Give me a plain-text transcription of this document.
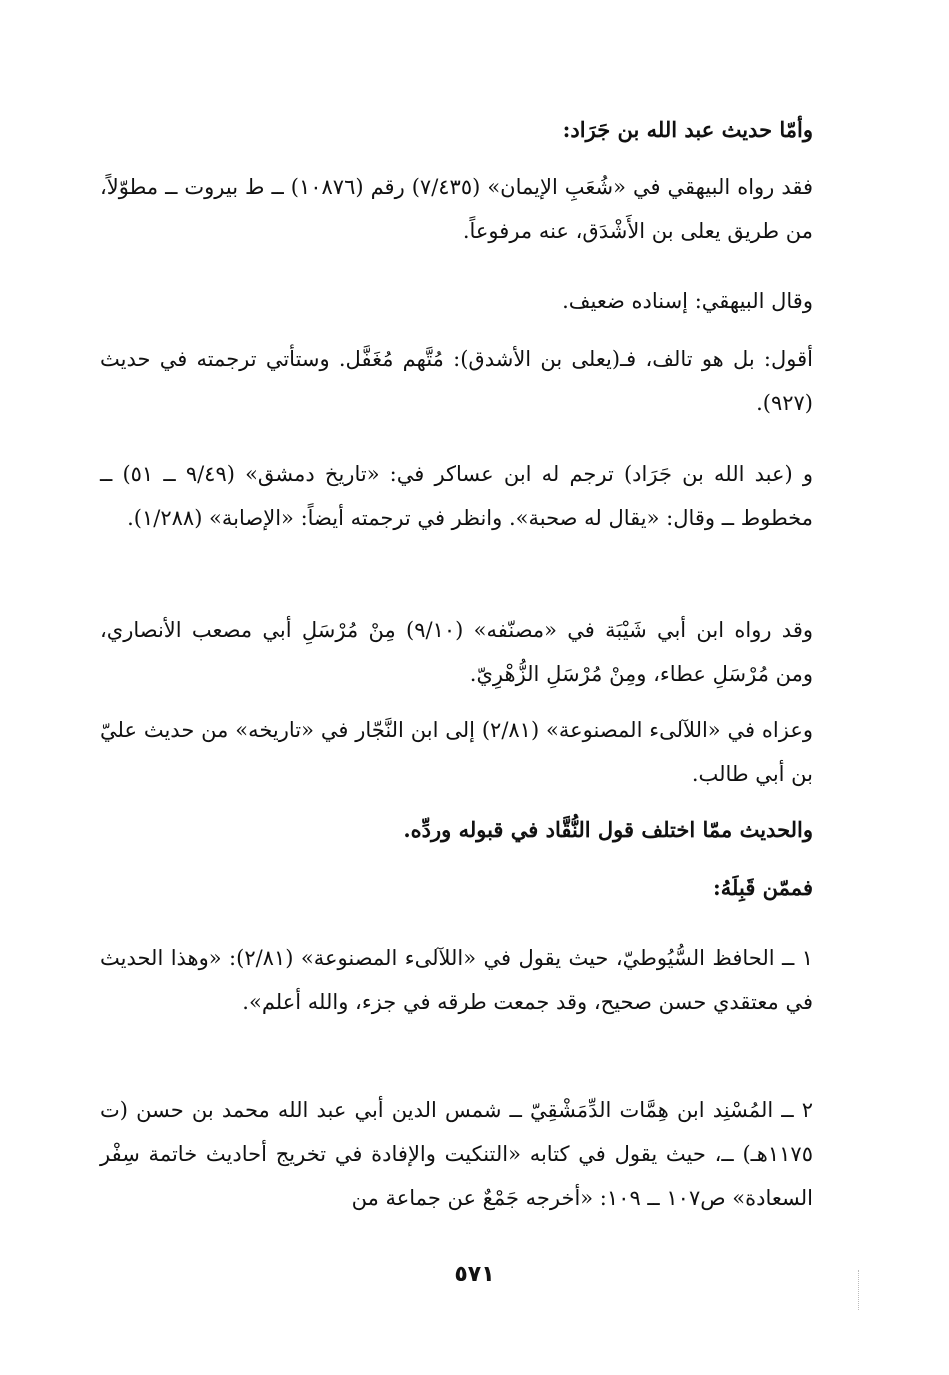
وأمّا حديث عبد الله بن جَرَاد:

فقد رواه البيهقي في «شُعَبِ الإيمان» (٧/٤٣٥) رقم (١٠٨٧٦) ــ ط بيروت ــ مطوّلاً، من طريق يعلى بن الأَشْدَق، عنه مرفوعاً.

وقال البيهقي: إسناده ضعيف.

أقول: بل هو تالف، فـ(يعلى بن الأشدق): مُتَّهم مُغَفَّل. وستأتي ترجمته في حديث (٩٢٧).

و (عبد الله بن جَرَاد) ترجم له ابن عساكر في: «تاريخ دمشق» (٩/٤٩ ــ ٥١) ــ مخطوط ــ وقال: «يقال له صحبة». وانظر في ترجمته أيضاً: «الإصابة» (١/٢٨٨).

وقد رواه ابن أبي شَيْبَة في «مصنّفه» (٩/١٠) مِنْ مُرْسَلِ أبي مصعب الأنصاري، ومن مُرْسَلِ عطاء، ومِنْ مُرْسَلِ الزُّهْرِيّ.

وعزاه في «اللآلىء المصنوعة» (٢/٨١) إلى ابن النَّجّار في «تاريخه» من حديث عليّ بن أبي طالب.

والحديث ممّا اختلف قول النُّقَّاد في قبوله وردِّه.

فممّن قَبِلَهُ:

١ ــ الحافظ السُّيُوطيّ، حيث يقول في «اللآلىء المصنوعة» (٢/٨١): «وهذا الحديث في معتقدي حسن صحيح، وقد جمعت طرقه في جزء، والله أعلم».

٢ ــ المُسْنِد ابن هِمَّات الدِّمَشْقِيّ ــ شمس الدين أبي عبد الله محمد بن حسن (ت ١١٧٥هـ) ــ، حيث يقول في كتابه «التنكيت والإفادة في تخريج أحاديث خاتمة سِفْر السعادة» ص١٠٧ ــ ١٠٩: «أخرجه جَمْعٌ عن جماعة من

٥٧١
